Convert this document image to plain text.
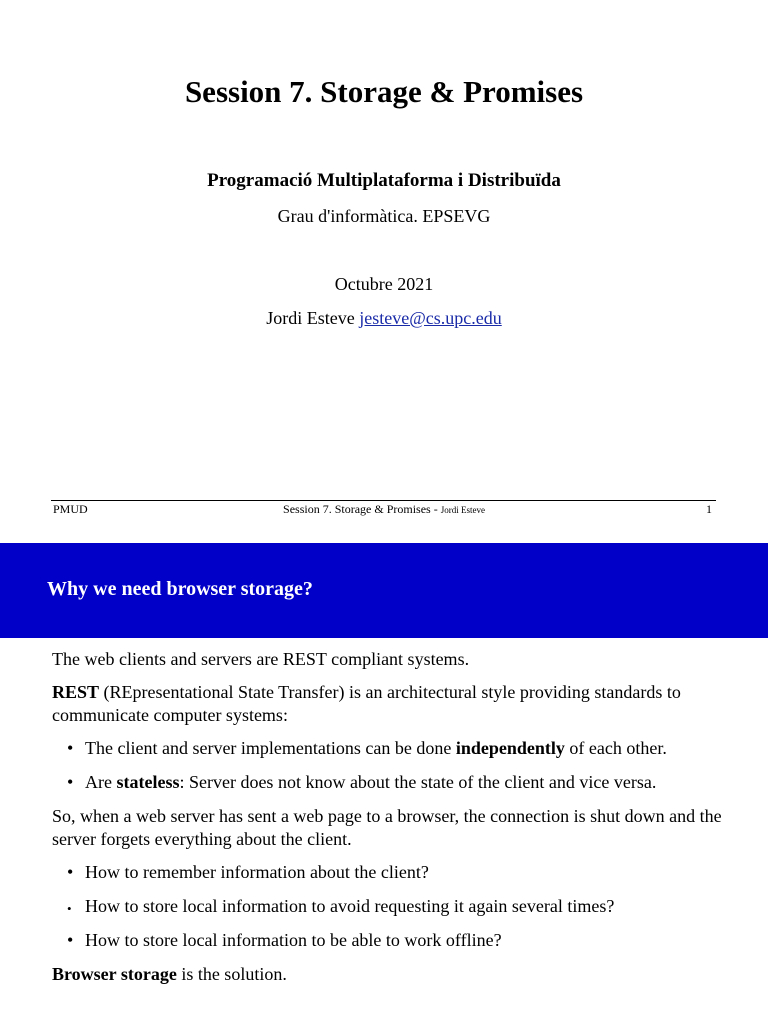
Session 7. Storage & Promises
Programació Multiplataforma i Distribuïda
Grau d'informàtica. EPSEVG
Octubre 2021
Jordi Esteve jesteve@cs.upc.edu
PMUD	Session 7. Storage & Promises - Jordi Esteve	1
Why we need browser storage?

The web clients and servers are REST compliant systems.

REST (REpresentational State Transfer) is an architectural style providing standards to communicate computer systems:

• The client and server implementations can be done independently of each other.
• Are stateless: Server does not know about the state of the client and vice versa.

So, when a web server has sent a web page to a browser, the connection is shut down and the server forgets everything about the client.

• How to remember information about the client?
• How to store local information to avoid requesting it again several times?
• How to store local information to be able to work offline?

Browser storage is the solution.
